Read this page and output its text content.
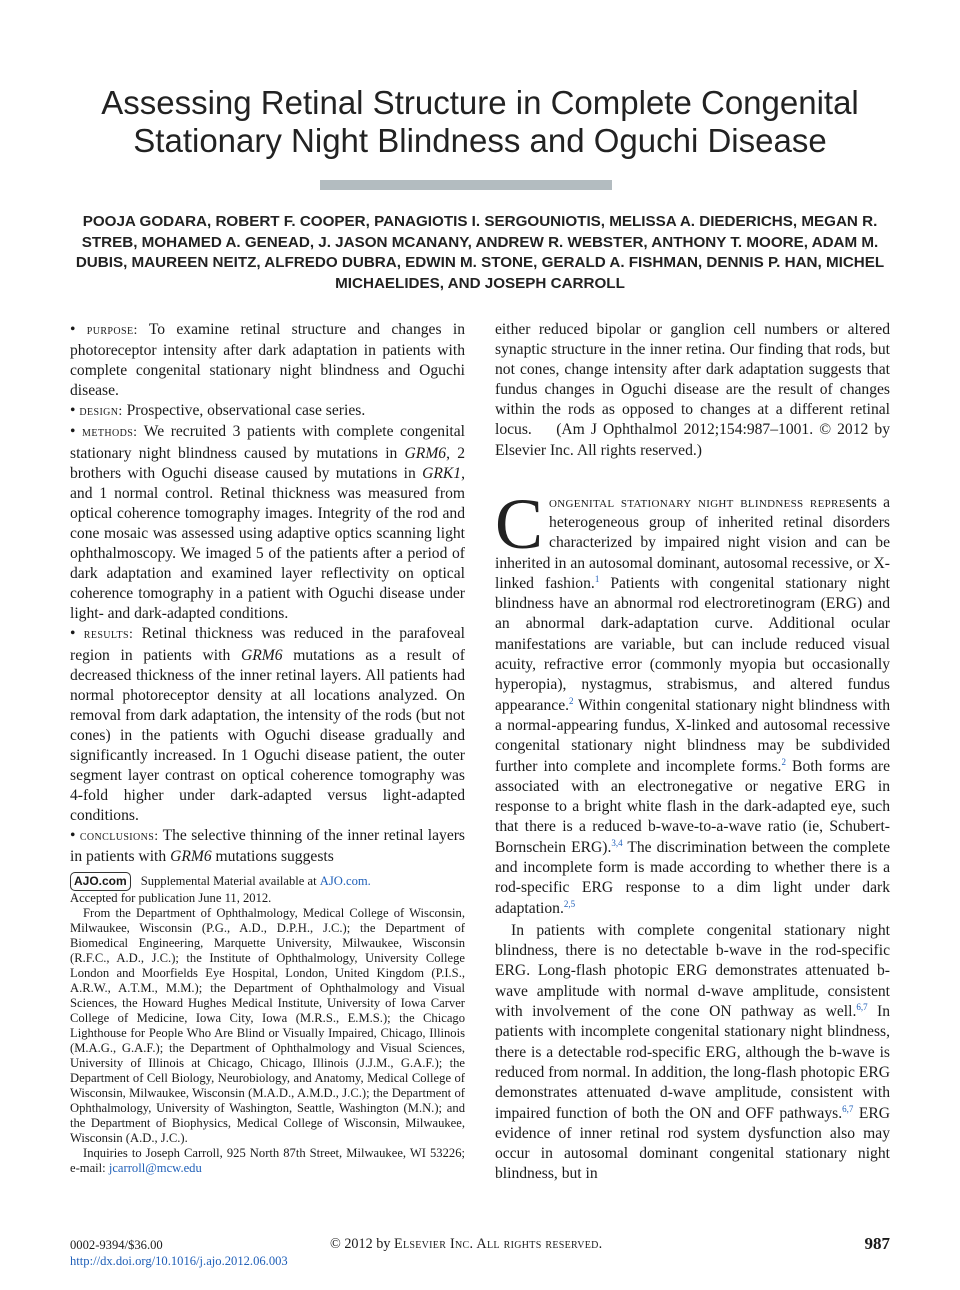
Assessing Retinal Structure in Complete Congenital Stationary Night Blindness and Oguchi Disease
POOJA GODARA, ROBERT F. COOPER, PANAGIOTIS I. SERGOUNIOTIS, MELISSA A. DIEDERICHS, MEGAN R. STREB, MOHAMED A. GENEAD, J. JASON MCANANY, ANDREW R. WEBSTER, ANTHONY T. MOORE, ADAM M. DUBIS, MAUREEN NEITZ, ALFREDO DUBRA, EDWIN M. STONE, GERALD A. FISHMAN, DENNIS P. HAN, MICHEL MICHAELIDES, AND JOSEPH CARROLL

• purpose: To examine retinal structure and changes in photoreceptor intensity after dark adaptation in patients with complete congenital stationary night blindness and Oguchi disease.

• design: Prospective, observational case series.

• methods: We recruited 3 patients with complete congenital stationary night blindness caused by mutations in GRM6, 2 brothers with Oguchi disease caused by mutations in GRK1, and 1 normal control. Retinal thickness was measured from optical coherence tomography images. Integrity of the rod and cone mosaic was assessed using adaptive optics scanning light ophthalmoscopy. We imaged 5 of the patients after a period of dark adaptation and examined layer reflectivity on optical coherence tomography in a patient with Oguchi disease under light- and dark-adapted conditions.

• results: Retinal thickness was reduced in the parafoveal region in patients with GRM6 mutations as a result of decreased thickness of the inner retinal layers. All patients had normal photoreceptor density at all locations analyzed. On removal from dark adaptation, the intensity of the rods (but not cones) in the patients with Oguchi disease gradually and significantly increased. In 1 Oguchi disease patient, the outer segment layer contrast on optical coherence tomography was 4-fold higher under dark-adapted versus light-adapted conditions.

• conclusions: The selective thinning of the inner retinal layers in patients with GRM6 mutations suggests

AJO.com	Supplemental Material available at
AJO.com.

Accepted for publication June 11, 2012.

From the Department of Ophthalmology, Medical College of Wisconsin, Milwaukee, Wisconsin (P.G., A.D., D.P.H., J.C.); the Department of Biomedical Engineering, Marquette University, Milwaukee, Wisconsin (R.F.C., A.D., J.C.); the Institute of Ophthalmology, University College London and Moorfields Eye Hospital, London, United Kingdom (P.I.S., A.R.W., A.T.M., M.M.); the Department of Ophthalmology and Visual Sciences, the Howard Hughes Medical Institute, University of Iowa Carver College of Medicine, Iowa City, Iowa (M.R.S., E.M.S.); the Chicago Lighthouse for People Who Are Blind or Visually Impaired, Chicago, Illinois (M.A.G., G.A.F.); the Department of Ophthalmology and Visual Sciences, University of Illinois at Chicago, Chicago, Illinois (J.J.M., G.A.F.); the Department of Cell Biology, Neurobiology, and Anatomy, Medical College of Wisconsin, Milwaukee, Wisconsin (M.A.D., A.M.D., J.C.); the Department of Ophthalmology, University of Washington, Seattle, Washington (M.N.); and the Department of Biophysics, Medical College of Wisconsin, Milwaukee, Wisconsin (A.D., J.C.).

Inquiries to Joseph Carroll, 925 North 87th Street, Milwaukee, WI 53226; e-mail: jcarroll@mcw.edu

either reduced bipolar or ganglion cell numbers or altered synaptic structure in the inner retina. Our finding that rods, but not cones, change intensity after dark adaptation suggests that fundus changes in Oguchi disease are the result of changes within the rods as opposed to changes at a different retinal locus. (Am J Ophthalmol 2012;154:987–1001. © 2012 by Elsevier Inc. All rights reserved.)

Congenital stationary night blindness represents a heterogeneous group of inherited retinal disorders characterized by impaired night vision and can be inherited in an autosomal dominant, autosomal recessive, or X-linked fashion.$^1$ Patients with congenital stationary night blindness have an abnormal rod electroretinogram (ERG) and an abnormal dark-adaptation curve. Additional ocular manifestations are variable, but can include reduced visual acuity, refractive error (commonly myopia but occasionally hyperopia), nystagmus, strabismus, and altered fundus appearance.$^2$ Within congenital stationary night blindness with a normal-appearing fundus, X-linked and autosomal recessive congenital stationary night blindness may be subdivided further into complete and incomplete forms.$^2$ Both forms are associated with an electronegative or negative ERG in response to a bright white flash in the dark-adapted eye, such that there is a reduced b-wave-to-a-wave ratio (ie, Schubert-Bornschein ERG).$^{3,4}$ The discrimination between the complete and incomplete form is made according to whether there is a rod-specific ERG response to a dim light under dark adaptation.$^{2,5}$

In patients with complete congenital stationary night blindness, there is no detectable b-wave in the rod-specific ERG. Long-flash photopic ERG demonstrates attenuated b-wave amplitude with normal d-wave amplitude, consistent with involvement of the cone ON pathway as well.$^{6,7}$ In patients with incomplete congenital stationary night blindness, there is a detectable rod-specific ERG, although the b-wave is reduced from normal. In addition, the long-flash photopic ERG demonstrates attenuated d-wave amplitude, consistent with impaired function of both the ON and OFF pathways.$^{6,7}$ ERG evidence of inner retinal rod system dysfunction also may occur in autosomal dominant congenital stationary night blindness, but in

0002-9394/$36.00
http://dx.doi.org/10.1016/j.ajo.2012.06.003
© 2012 by Elsevier Inc. All rights reserved.	987
